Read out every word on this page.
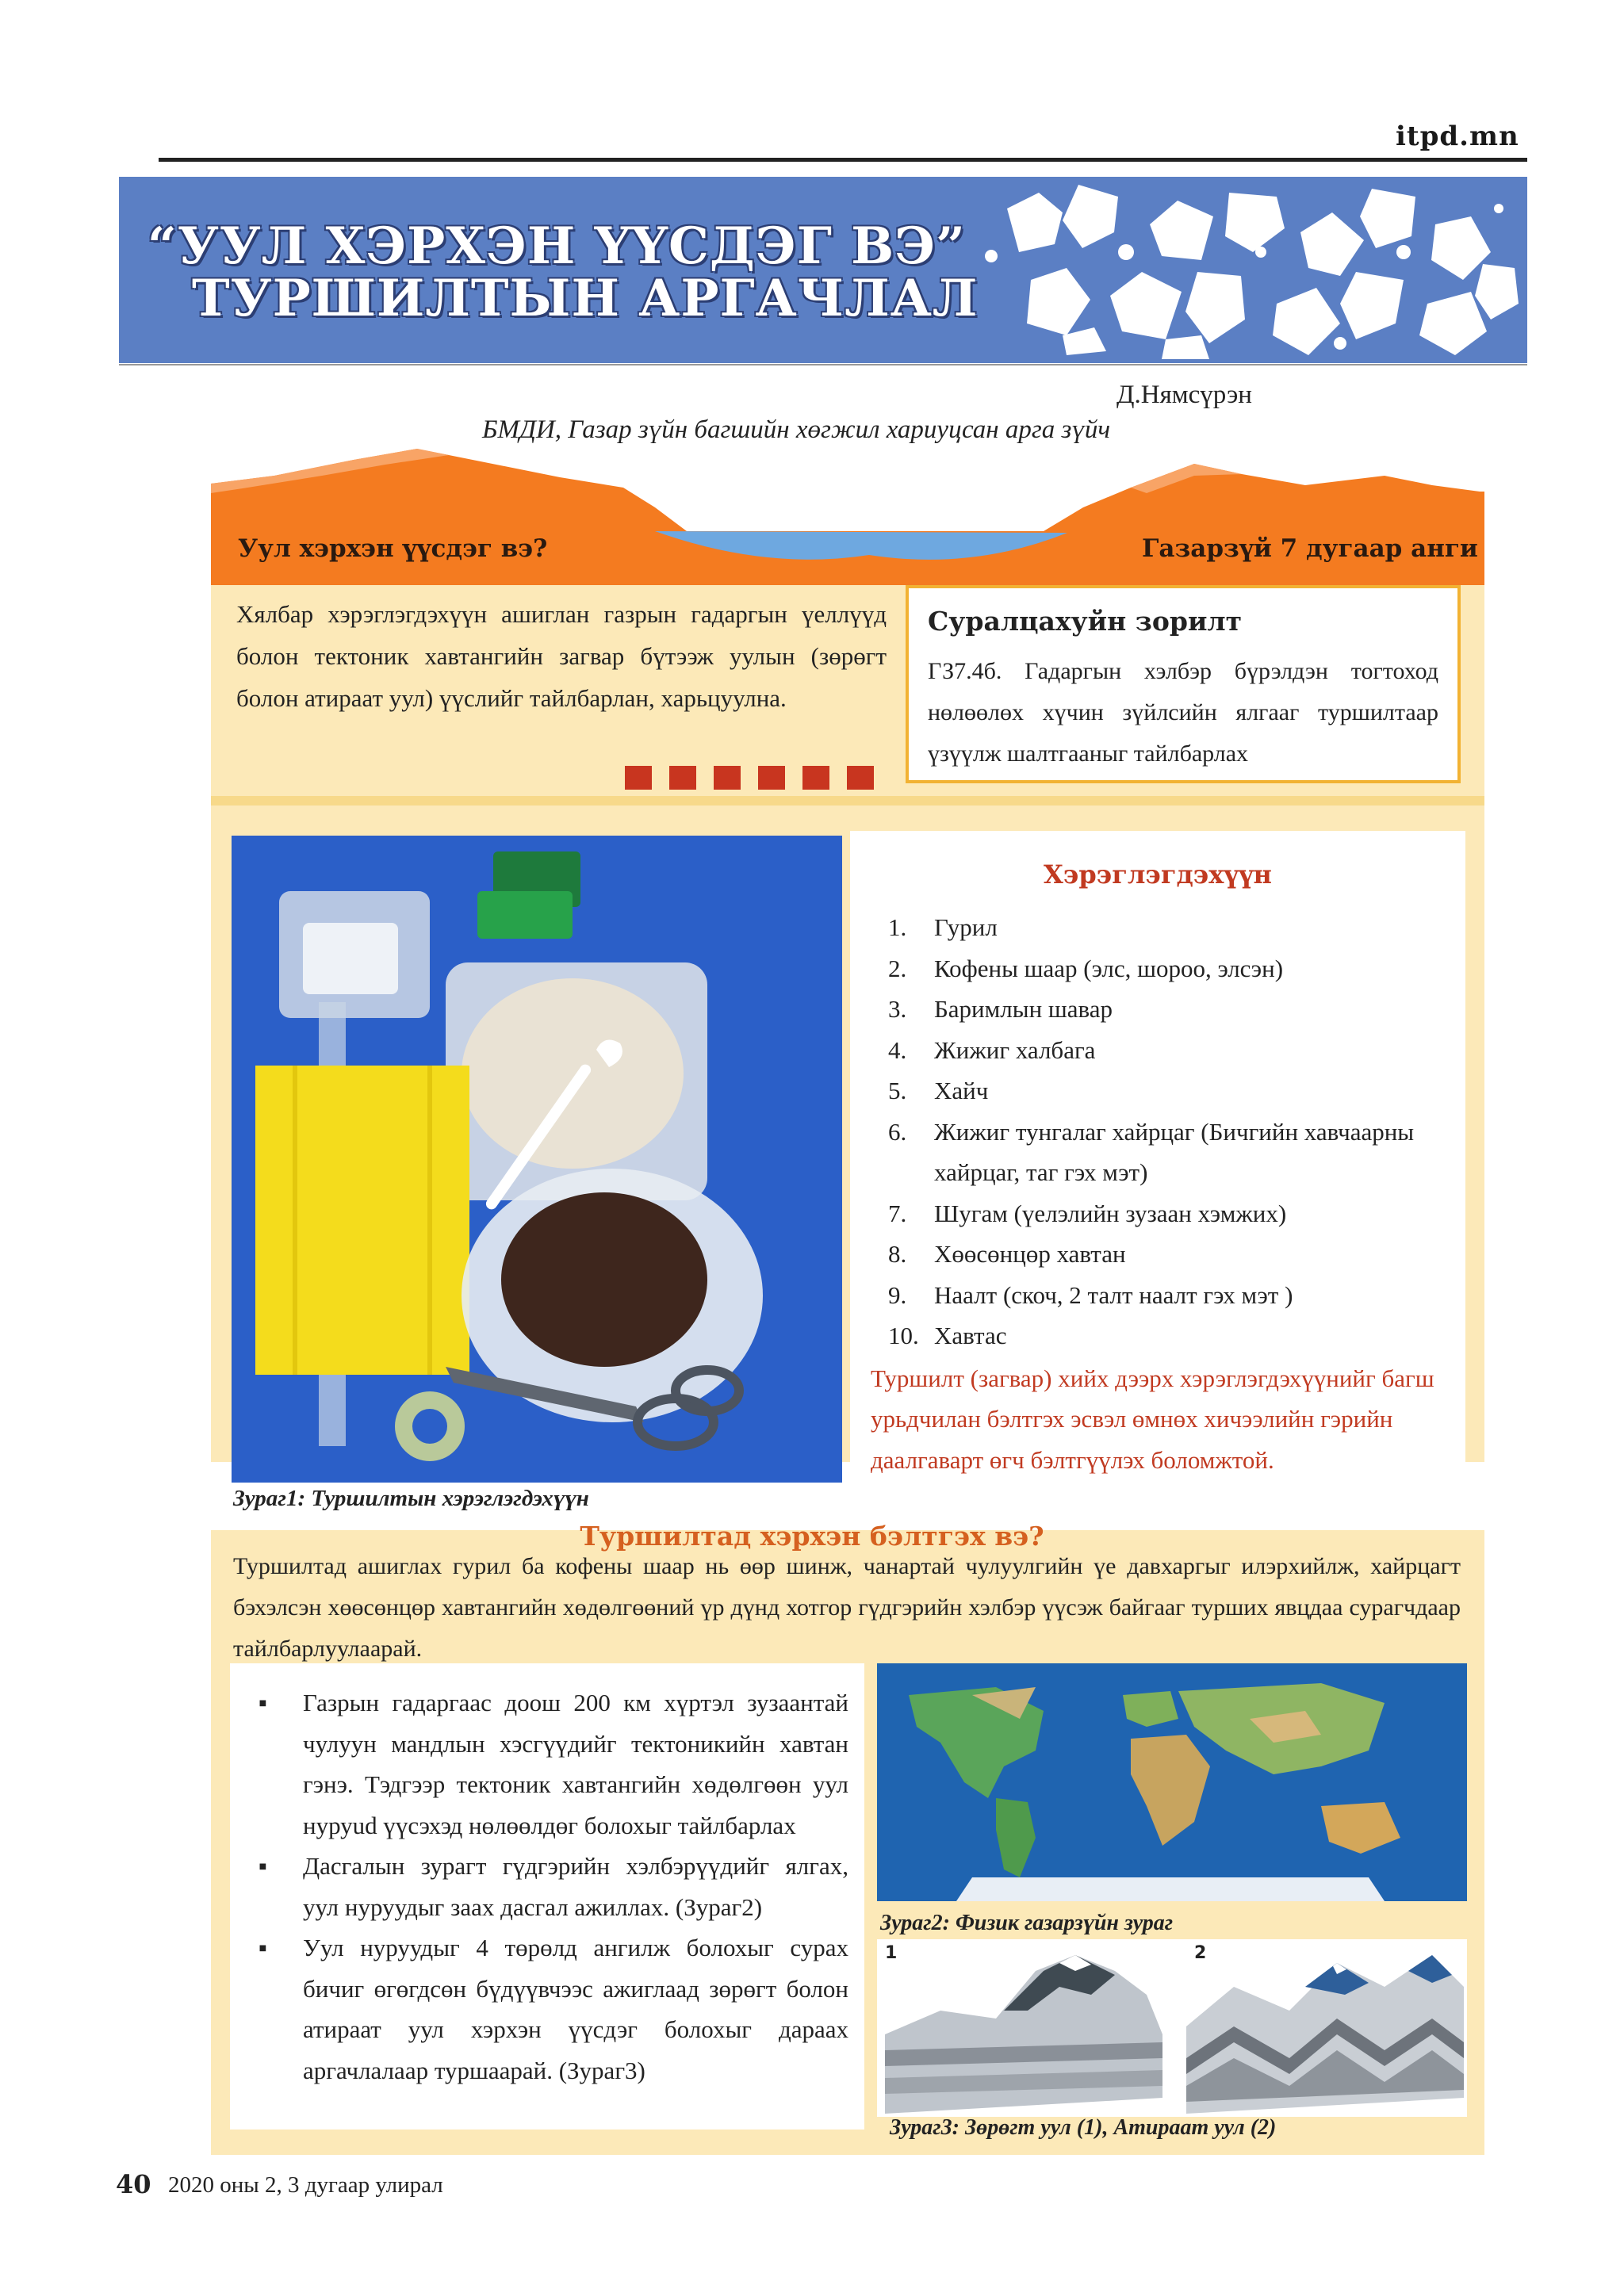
itpd.mn
“УУЛ ХЭРХЭН ҮҮСДЭГ ВЭ”
ТУРШИЛТЫН АРГАЧЛАЛ
Д.Нямсүрэн
БМДИ, Газар зүйн багшийн хөгжил хариуцсан арга зүйч
Уул хэрхэн үүсдэг вэ?	Газарзүй 7 дугаар анги
Хялбар хэрэглэгдэхүүн ашиглан газрын гадаргын үеллүүд болон тектоник хавтангийн загвар бүтээж уулын (зөрөгт болон атираат уул) үүслийг тайлбарлан, харьцуулна.
Суралцахуйн зорилт
ГЗ7.4б. Гадаргын хэлбэр бүрэлдэн тогтоход нөлөөлөх хүчин зүйлсийн ялгааг туршилтаар үзүүлж шалтгааныг тайлбарлах
Зураг1: Туршилтын хэрэглэгдэхүүн
Хэрэглэгдэхүүн
1.	Гурил
2.	Кофены шаар (элс, шороо, элсэн)
3.	Баримлын шавар
4.	Жижиг халбага
5.	Хайч
6.	Жижиг тунгалаг хайрцаг (Бичгийн хавчаарны хайрцаг, таг гэх мэт)
7.	Шугам (үелэлийн зузаан хэмжих)
8.	Хөөсөнцөр хавтан
9.	Наалт (скоч, 2 талт наалт гэх мэт )
10. Хавтас
Туршилт (загвар) хийх дээрх хэрэглэгдэхүүнийг багш урьдчилан бэлтгэх эсвэл өмнөх хичээлийн гэрийн даалгаварт өгч бэлтгүүлэх боломжтой.
Туршилтад хэрхэн бэлтгэх вэ?
Туршилтад ашиглах гурил ба кофены шаар нь өөр шинж, чанартай чулуулгийн үе давхаргыг илэрхийлж, хайрцагт бэхэлсэн хөөсөнцөр хавтангийн хөдөлгөөний үр дүнд хотгор гүдгэрийн хэлбэр үүсэж байгааг турших явцдаа сурагчдаар тайлбарлуулаарай.
▪	Газрын гадаргаас доош 200 км хүртэл зузаантай чулуун мандлын хэсгүүдийг тектоникийн хавтан гэнэ. Тэдгээр тектоник хавтангийн хөдөлгөөн уул нуруud үүсэхэд нөлөөлдөг болохыг тайлбарлах
▪	Дасгалын зурагт гүдгэрийн хэлбэрүүдийг ялгах, уул нуруудыг заах дасгал ажиллах. (Зураг2)
▪	Уул нуруудыг 4 төрөлд ангилж болохыг сурах бичиг өгөгдсөн бүдүүвчээс ажиглаад зөрөгт болон атираат уул хэрхэн үүсдэг болохыг дараах аргачлалаар туршаарай. (Зураг3)
Зураг2: Физик газарзүйн зураг
1	2
Зураг3: Зөрөгт уул (1), Атираат уул (2)
40 2020 оны 2, 3 дугаар улирал
